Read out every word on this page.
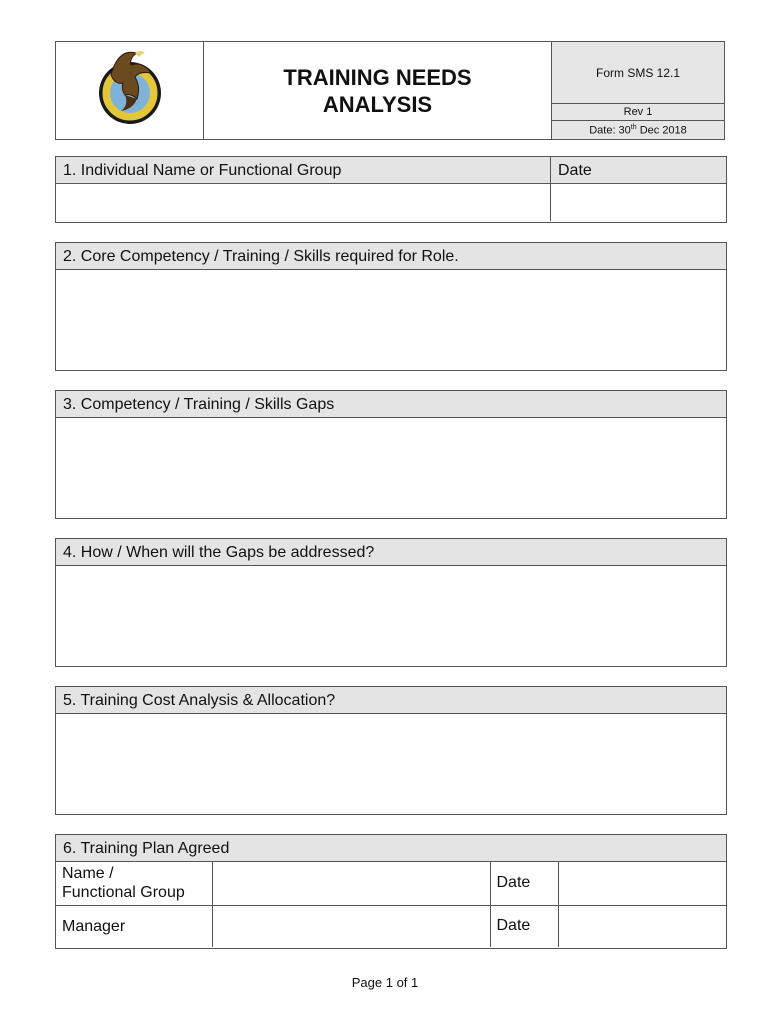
TRAINING NEEDS
ANALYSIS
	Form SMS 12.1
Rev 1
Date: 30th Dec 2018
1. Individual Name or Functional Group	Date
2. Core Competency / Training / Skills required for Role.
3. Competency / Training / Skills Gaps
4. How / When will the Gaps be addressed?
5. Training Cost Analysis & Allocation?
6. Training Plan Agreed
Name /
Functional Group		Date	
Manager		Date	
Page 1 of 1
